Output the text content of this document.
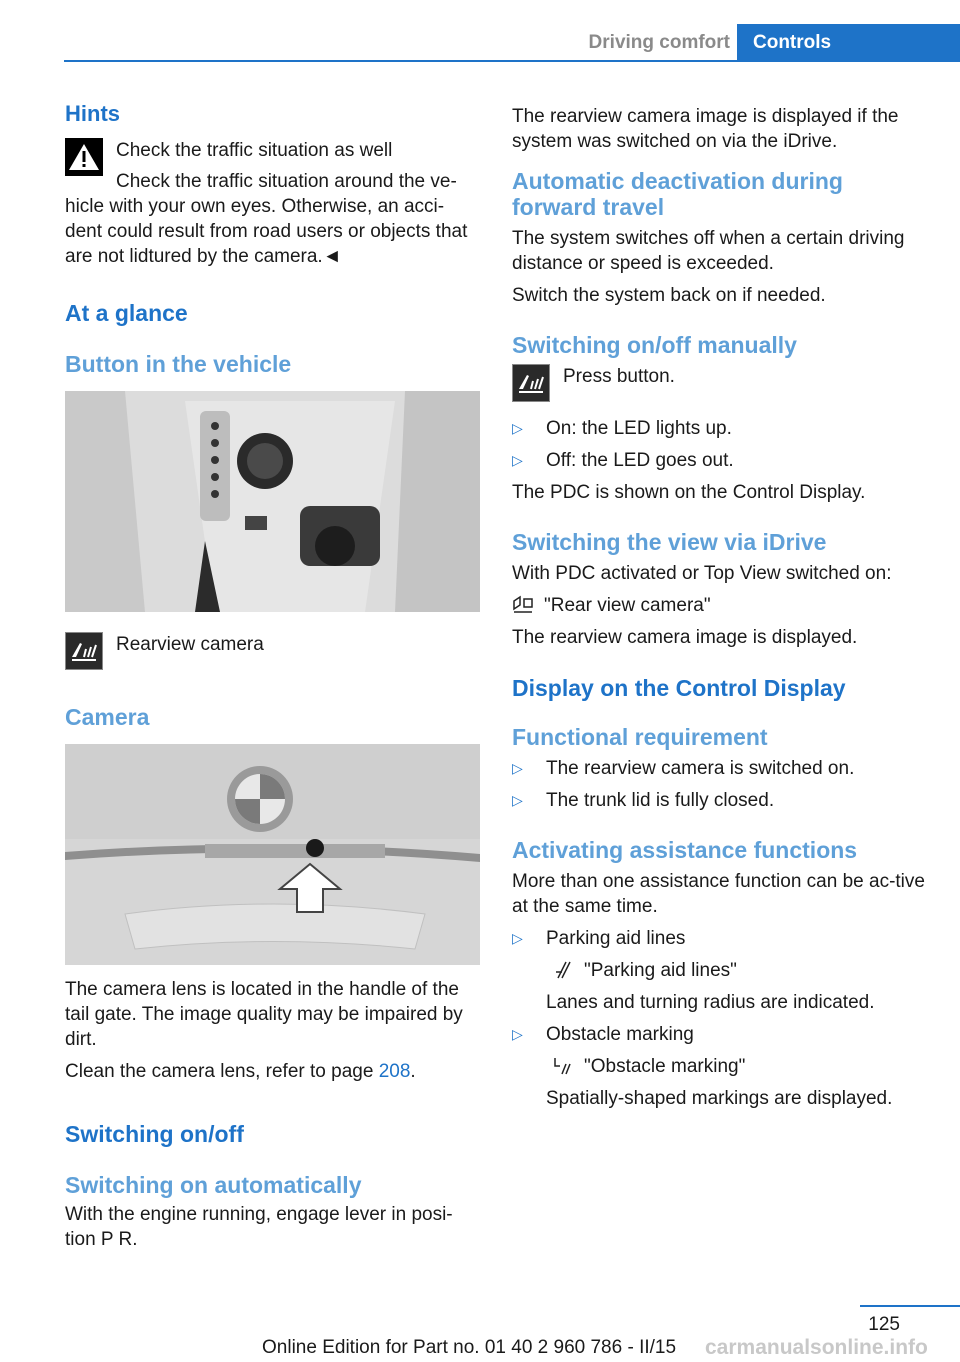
Driving comfort	Controls
Hints

Check the traffic situation as well

Check the traffic situation around the ve‐hicle with your own eyes. Otherwise, an acci‐dent could result from road users or objects that are not lidtured by the camera.◄

At a glance
Button in the vehicle
Rearview camera
Camera

The camera lens is located in the handle of the tail gate. The image quality may be impaired by dirt.

Clean the camera lens, refer to page 208.

Switching on/off
Switching on automatically

With the engine running, engage lever in posi‐tion P R.

The rearview camera image is displayed if the system was switched on via the iDrive.

Automatic deactivation during forward travel

The system switches off when a certain driving distance or speed is exceeded.

Switch the system back on if needed.

Switching on/off manually
Press button.
▷ On: the LED lights up.
▷ Off: the LED goes out.

The PDC is shown on the Control Display.

Switching the view via iDrive

With PDC activated or Top View switched on:

"Rear view camera"

The rearview camera image is displayed.

Display on the Control Display
Functional requirement
▷ The rearview camera is switched on.
▷ The trunk lid is fully closed.
Activating assistance functions

More than one assistance function can be ac‐tive at the same time.

▷ Parking aid lines
"Parking aid lines"
Lanes and turning radius are indicated.
▷ Obstacle marking
"Obstacle marking"
Spatially-shaped markings are displayed.
125
Online Edition for Part no. 01 40 2 960 786 - II/15 carmanualsonline.info
